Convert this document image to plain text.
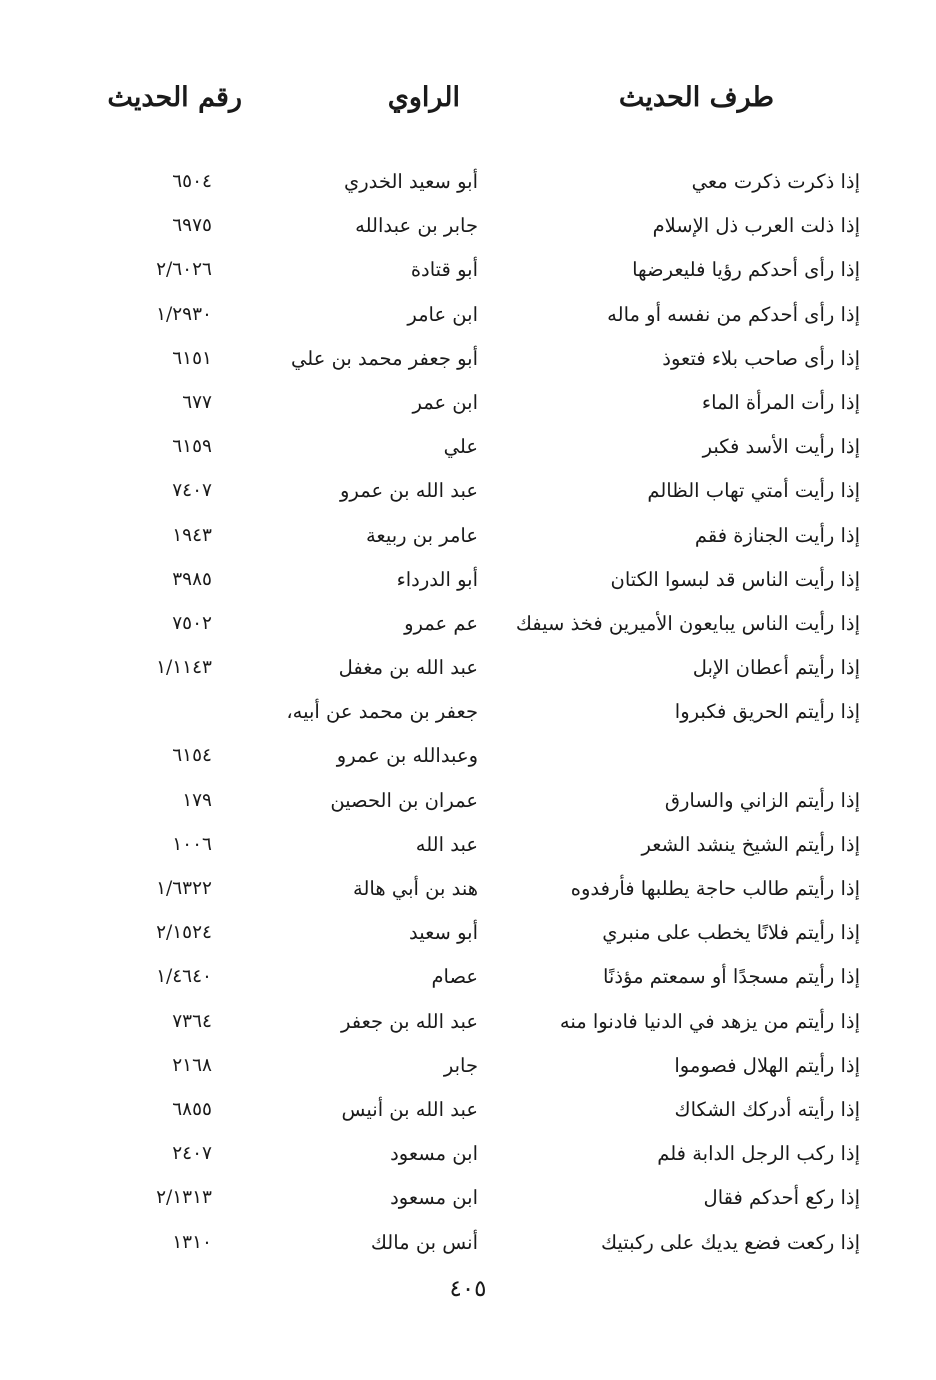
طرف الحديث
الراوي
رقم الحديث
إذا ذكرت ذكرت معي
أبو سعيد الخدري
٦٥٠٤
إذا ذلت العرب ذل الإسلام
جابر بن عبدالله
٦٩٧٥
إذا رأى أحدكم رؤيا فليعرضها
أبو قتادة
٢/٦٠٢٦
إذا رأى أحدكم من نفسه أو ماله
ابن عامر
١/٢٩٣٠
إذا رأى صاحب بلاء فتعوذ
أبو جعفر محمد بن علي
٦١٥١
إذا رأت المرأة الماء
ابن عمر
٦٧٧
إذا رأيت الأسد فكبر
علي
٦١٥٩
إذا رأيت أمتي تهاب الظالم
عبد الله بن عمرو
٧٤٠٧
إذا رأيت الجنازة فقم
عامر بن ربيعة
١٩٤٣
إذا رأيت الناس قد لبسوا الكتان
أبو الدرداء
٣٩٨٥
إذا رأيت الناس يبايعون الأميرين فخذ سيفك
عم عمرو
٧٥٠٢
إذا رأيتم أعطان الإبل
عبد الله بن مغفل
١/١١٤٣
إذا رأيتم الحريق فكبروا
جعفر بن محمد عن أبيه،
وعبدالله بن عمرو
٦١٥٤
إذا رأيتم الزاني والسارق
عمران بن الحصين
١٧٩
إذا رأيتم الشيخ ينشد الشعر
عبد الله
١٠٠٦
إذا رأيتم طالب حاجة يطلبها فأرفدوه
هند بن أبي هالة
١/٦٣٢٢
إذا رأيتم فلانًا يخطب على منبري
أبو سعيد
٢/١٥٢٤
إذا رأيتم مسجدًا أو سمعتم مؤذنًا
عصام
١/٤٦٤٠
إذا رأيتم من يزهد في الدنيا فادنوا منه
عبد الله بن جعفر
٧٣٦٤
إذا رأيتم الهلال فصوموا
جابر
٢١٦٨
إذا رأيته أدركك الشكاك
عبد الله بن أنيس
٦٨٥٥
إذا ركب الرجل الدابة فلم
ابن مسعود
٢٤٠٧
إذا ركع أحدكم فقال
ابن مسعود
٢/١٣١٣
إذا ركعت فضع يديك على ركبتيك
أنس بن مالك
١٣١٠
٤٠٥
